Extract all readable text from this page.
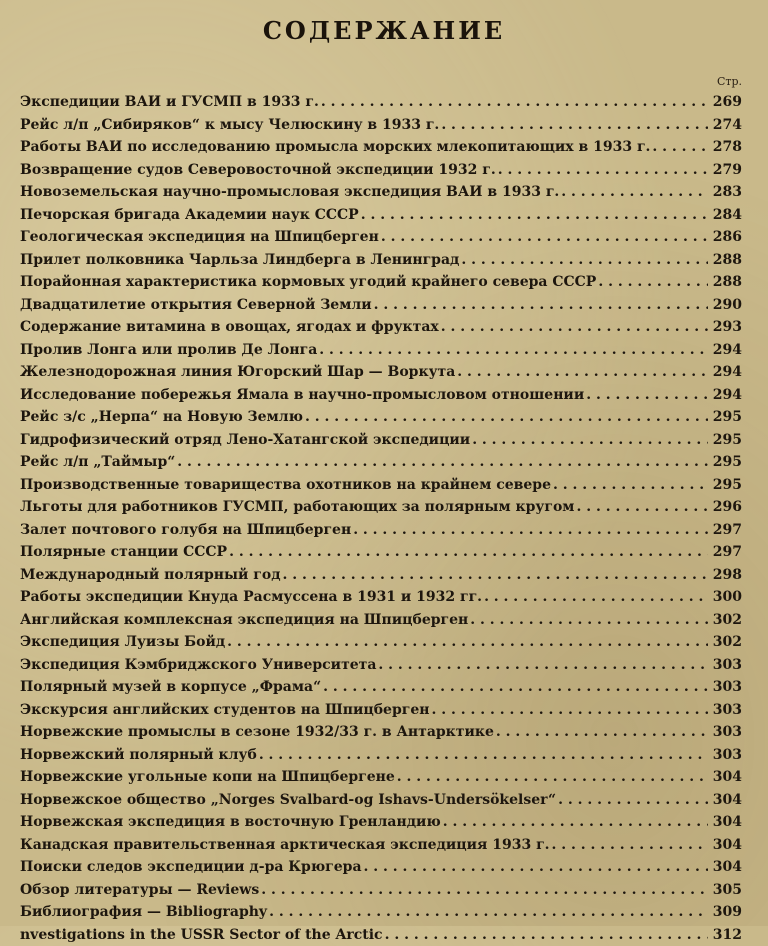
СОДЕРЖАНИЕ
Стр.
Экспедиции ВАИ и ГУСМП в 1933 г. . . .	269
Рейс л/п „Сибиряков“ к мысу Челюскину в 1933 г. . . .	274
Работы ВАИ по исследованию промысла морских млекопитающих в 1933 г. . . .	278
Возвращение судов Северовосточной экспедиции 1932 г. . . .	279
Новоземельская научно-промысловая экспедиция ВАИ в 1933 г. . . .	283
Печорская бригада Академии наук СССР . . .	284
Геологическая экспедиция на Шпицберген . . .	286
Прилет полковника Чарльза Линдберга в Ленинград . . .	288
Порайонная характеристика кормовых угодий крайнего севера СССР . . .	288
Двадцатилетие открытия Северной Земли . . .	290
Содержание витамина в овощах, ягодах и фруктах . . .	293
Пролив Лонга или пролив Де Лонга . . .	294
Железнодорожная линия Югорский Шар — Воркута . . .	294
Исследование побережья Ямала в научно-промысловом отношении . . .	294
Рейс з/с „Нерпа“ на Новую Землю . . .	295
Гидрофизический отряд Лено-Хатангской экспедиции . . .	295
Рейс л/п „Таймыр“ . . .	295
Производственные товарищества охотников на крайнем севере . . .	295
Льготы для работников ГУСМП, работающих за полярным кругом . . .	296
Залет почтового голубя на Шпицберген . . .	297
Полярные станции СССР . . .	297
Международный полярный год . . .	298
Работы экспедиции Кнуда Расмуссена в 1931 и 1932 гг. . . .	300
Английская комплексная экспедиция на Шпицберген . . .	302
Экспедиция Луизы Бойд . . .	302
Экспедиция Кэмбриджского Университета . . .	303
Полярный музей в корпусе „Фрама“ . . .	303
Экскурсия английских студентов на Шпицберген . . .	303
Норвежские промыслы в сезоне 1932/33 г. в Антарктике . . .	303
Норвежский полярный клуб . . .	303
Норвежские угольные копи на Шпицбергене . . .	304
Норвежское общество „Norges Svalbard-og Ishavs-Undersökelser“ . . .	304
Норвежская экспедиция в восточную Гренландию . . .	304
Канадская правительственная арктическая экспедиция 1933 г. . . .	304
Поиски следов экспедиции д-ра Крюгера . . .	304
Обзор литературы — Reviews . . .	305
Библиография — Bibliography . . .	309
nvestigations in the USSR Sector of the Arctic . . .	312
